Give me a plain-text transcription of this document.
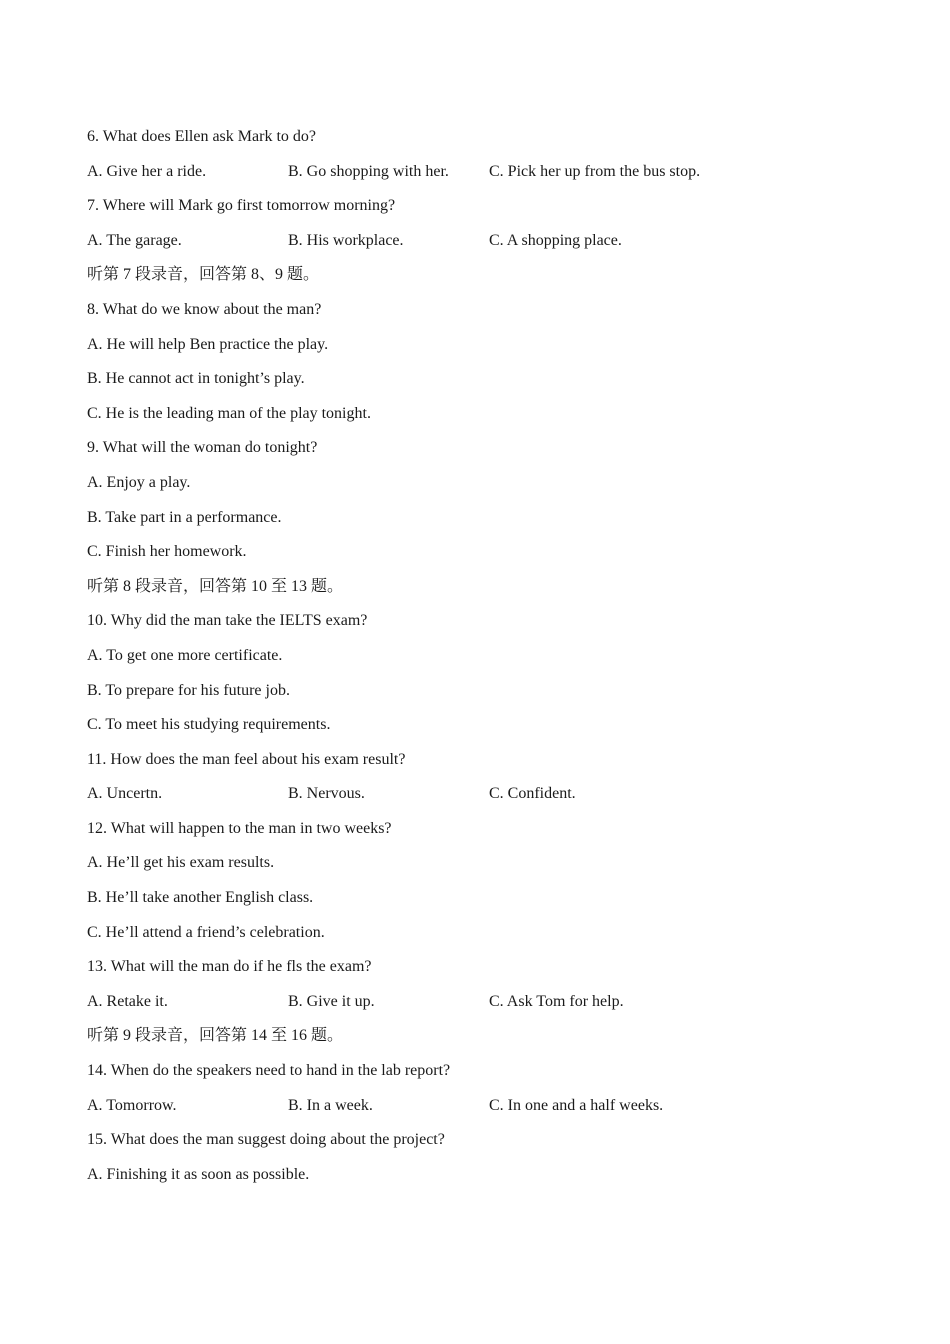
6. What does Ellen ask Mark to do?
A. Give her a ride.	B. Go shopping with her.	C. Pick her up from the bus stop.
7. Where will Mark go first tomorrow morning?
A. The garage.	B. His workplace.	C. A shopping place.
听第 7 段录音，回答第 8、9 题。
8. What do we know about the man?
A. He will help Ben practice the play.
B. He cannot act in tonight’s play.
C. He is the leading man of the play tonight.
9. What will the woman do tonight?
A. Enjoy a play.
B. Take part in a performance.
C. Finish her homework.
听第 8 段录音，回答第 10 至 13 题。
10. Why did the man take the IELTS exam?
A. To get one more certificate.
B. To prepare for his future job.
C. To meet his studying requirements.
11. How does the man feel about his exam result?
A. Uncertn.	B. Nervous.	C. Confident.
12. What will happen to the man in two weeks?
A. He’ll get his exam results.
B. He’ll take another English class.
C. He’ll attend a friend’s celebration.
13. What will the man do if he fls the exam?
A. Retake it.	B. Give it up.	C. Ask Tom for help.
听第 9 段录音，回答第 14 至 16 题。
14. When do the speakers need to hand in the lab report?
A. Tomorrow.	B. In a week.	C. In one and a half weeks.
15. What does the man suggest doing about the project?
A. Finishing it as soon as possible.
